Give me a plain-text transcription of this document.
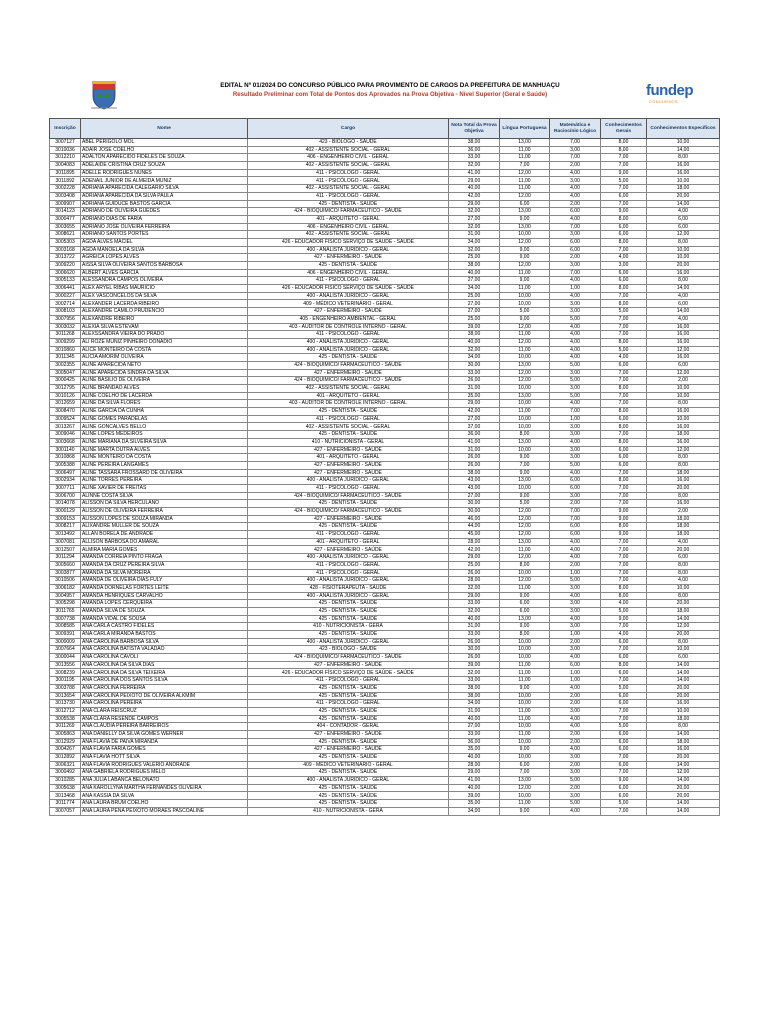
EDITAL Nº 01/2024 DO CONCURSO PÚBLICO PARA PROVIMENTO DE CARGOS DA PREFEITURA DE MANHUAÇU
Resultado Preliminar com Total de Pontos dos Aprovados na Prova Objetiva - Nível Superior (Geral e Saúde)	fundep
CONCURSOS
Inscrição	Nome	Cargo	Nota Total da Prova Objetiva	Língua Portuguesa	Matemática e Raciocínio Lógico	Conhecimentos Gerais	Conhecimentos Específicos
3007127	ABEL PERIGOLO MOL	423 - BIÓLOGO - SAÚDE	38,00	13,00	7,00	8,00	10,00
3010036	ADAIR JOSE COELHO	402 - ASSISTENTE SOCIAL - GERAL	36,00	11,00	3,00	8,00	14,00
3012210	ADALTON APARECIDO FIDELES DE SOUZA	406 - ENGENHEIRO CIVIL - GERAL	33,00	11,00	7,00	7,00	8,00
3004083	ADELAIDE CRISTINA CRUZ SOUZA	402 - ASSISTENTE SOCIAL - GERAL	32,00	7,00	2,00	7,00	16,00
3011895	ADELLE RODRIGUES NUNES	411 - PSICÓLOGO - GERAL	41,00	12,00	4,00	9,00	16,00
3011892	ADENAIL JUNIOR DE ALMEIDA MUNIZ	411 - PSICÓLOGO - GERAL	29,00	11,00	3,00	5,00	10,00
3002228	ADRIANA APARECIDA CALEGARIO SILVA	402 - ASSISTENTE SOCIAL - GERAL	40,00	11,00	4,00	7,00	18,00
3003408	ADRIANA APARECIDA DA SILVA PAULA	411 - PSICÓLOGO - GERAL	42,00	12,00	4,00	6,00	20,00
3009907	ADRIANA GUIDUCE BASTOS GARCIA	425 - DENTISTA - SAÚDE	29,00	6,00	2,00	7,00	14,00
3014123	ADRIANO DE OLIVEIRA GUEDES	424 - BIOQUÍMICO/ FARMACÊUTICO - SAÚDE	32,00	13,00	6,00	9,00	4,00
3000477	ADRIANO DIAS DE FARIA	401 - ARQUITETO - GERAL	27,00	9,00	4,00	8,00	6,00
3003655	ADRIANO JOSE OLIVEIRA FERREIRA	406 - ENGENHEIRO CIVIL - GERAL	32,00	13,00	7,00	6,00	6,00
3008621	ADRIANO SANTOS PORTES	402 - ASSISTENTE SOCIAL - GERAL	31,00	10,00	3,00	6,00	12,00
3005303	AGDA ALVES MACIEL	426 - EDUCADOR FÍSICO SERVIÇO DE SAÚDE - SAÚDE	34,00	12,00	6,00	8,00	8,00
3003168	AGDA MANOELA DA SILVA	400 - ANALISTA JURÍDICO - GERAL	32,00	9,00	6,00	7,00	10,00
3013722	AGREICA LOPES ALVES	427 - ENFERMEIRO - SAÚDE	25,00	9,00	2,00	4,00	10,00
3009220	AISSA SILVA OLIVEIRA SANTOS BARBOSA	425 - DENTISTA - SAÚDE	38,00	12,00	3,00	3,00	20,00
3006620	ALBERT ALVES GARCIA	406 - ENGENHEIRO CIVIL - GERAL	40,00	11,00	7,00	6,00	16,00
3005133	ALESSANDRA CAMPOS OLIVEIRA	411 - PSICÓLOGO - GERAL	27,00	9,00	4,00	6,00	8,00
3006441	ALEX ARYEL RIBAS MAURICIO	426 - EDUCADOR FÍSICO SERVIÇO DE SAÚDE - SAÚDE	34,00	11,00	1,00	8,00	14,00
3000227	ALEX VASCONCELOS DA SILVA	400 - ANALISTA JURÍDICO - GERAL	25,00	10,00	4,00	7,00	4,00
3002714	ALEXANDER LACERDA RIBEIRO	409 - MÉDICO VETERINÁRIO - GERAL	27,00	10,00	3,00	8,00	6,00
3008103	ALEXANDRE CAMILO PRUDENCIO	427 - ENFERMEIRO - SAÚDE	27,00	5,00	3,00	5,00	14,00
3007956	ALEXANDRE RIBEIRO	405 - ENGENHEIRO AMBIENTAL - GERAL	25,00	9,00	5,00	7,00	4,00
3003032	ALEXIA SILVA ESTEVAM	403 - AUDITOR DE CONTROLE INTERNO - GERAL	39,00	12,00	4,00	7,00	16,00
3011268	ALEXSSANDRA VIEIRA DO PRADO	411 - PSICÓLOGO - GERAL	38,00	11,00	4,00	7,00	16,00
3009299	ALI ROZE MUNIZ PINHEIRO DONADIO	400 - ANALISTA JURÍDICO - GERAL	40,00	12,00	4,00	8,00	16,00
3010860	ALICE MONTEIRO DA COSTA	400 - ANALISTA JURÍDICO - GERAL	32,00	11,00	4,00	5,00	12,00
3011345	ALICIA AMORIM OLIVEIRA	425 - DENTISTA - SAÚDE	34,00	10,00	4,00	4,00	16,00
3002355	ALINE APARECIDA NETO	424 - BIOQUÍMICO/ FARMACÊUTICO - SAÚDE	30,00	13,00	5,00	6,00	6,00
3005047	ALINE APARECIDA SINDRA DA SILVA	427 - ENFERMEIRO - SAÚDE	33,00	12,00	3,00	7,00	12,00
3000425	ALINE BASILIO DE OLIVEIRA	424 - BIOQUÍMICO/ FARMACÊUTICO - SAÚDE	26,00	12,00	5,00	7,00	2,00
3012795	ALINE BRANDAO ALVES	402 - ASSISTENTE SOCIAL - GERAL	31,00	10,00	3,00	8,00	10,00
3010126	ALINE COELHO DE LACERDA	401 - ARQUITETO - GERAL	35,00	13,00	5,00	7,00	10,00
3012659	ALINE DA SILVA FLORES	403 - AUDITOR DE CONTROLE INTERNO - GERAL	29,00	10,00	4,00	7,00	8,00
3008470	ALINE GARCIA DA CUNHA	425 - DENTISTA - SAÚDE	42,00	11,00	7,00	8,00	16,00
3009524	ALINE GOMES PARADELAS	411 - PSICÓLOGO - GERAL	27,00	10,00	1,00	6,00	10,00
3013267	ALINE GONCALVES BELLO	402 - ASSISTENTE SOCIAL - GERAL	37,00	10,00	3,00	8,00	16,00
3009046	ALINE LOPES MEDEIROS	425 - DENTISTA - SAÚDE	36,00	8,00	3,00	7,00	18,00
3003668	ALINE MARIANA DA SILVEIRA SILVA	410 - NUTRICIONISTA - GERAL	41,00	13,00	4,00	8,00	16,00
3001140	ALINE MARTA DUTRA ALVES	427 - ENFERMEIRO - SAÚDE	31,00	10,00	3,00	6,00	12,00
3010868	ALINE MONTEIRO DA COSTA	401 - ARQUITETO - GERAL	26,00	9,00	3,00	6,00	8,00
3005388	ALINE PEREIRA LANGAMES	427 - ENFERMEIRO - SAÚDE	26,00	7,00	5,00	6,00	8,00
3006497	ALINE TASSARA FROSSARD DE OLIVEIRA	427 - ENFERMEIRO - SAÚDE	38,00	9,00	4,00	7,00	18,00
3002934	ALINE TORRES PEREIRA	400 - ANALISTA JURÍDICO - GERAL	43,00	13,00	6,00	8,00	16,00
3007711	ALINE XAVIER DE FREITAS	411 - PSICÓLOGO - GERAL	43,00	10,00	6,00	7,00	20,00
3006700	ALINNE COSTA SILVA	424 - BIOQUÍMICO/ FARMACÊUTICO - SAÚDE	27,00	9,00	3,00	7,00	8,00
3014078	ALISSON DA SILVA HERCULANO	425 - DENTISTA - SAÚDE	30,00	5,00	2,00	7,00	16,00
3000129	ALISSON DE OLIVEIRA FERREIRA	424 - BIOQUÍMICO/ FARMACÊUTICO - SAÚDE	30,00	12,00	7,00	9,00	2,00
3009153	ALISSON LOPES DE SOUZA MIRANDA	427 - ENFERMEIRO - SAÚDE	46,00	12,00	7,00	9,00	18,00
3008217	ALIXANDRE MULLER DE SOUZA	425 - DENTISTA - SAÚDE	44,00	12,00	6,00	8,00	18,00
3013492	ALLAN BORELA DE ANDRADE	411 - PSICÓLOGO - GERAL	45,00	12,00	6,00	9,00	18,00
3007081	ALLISON BARBOSA DO AMARAL	401 - ARQUITETO - GERAL	28,00	13,00	4,00	7,00	4,00
3012507	ALMIRA MARIA GOMES	427 - ENFERMEIRO - SAÚDE	42,00	11,00	4,00	7,00	20,00
3011294	AMANDA CORREIA PINTO FRAGA	400 - ANALISTA JURÍDICO - GERAL	29,00	12,00	4,00	7,00	6,00
3005660	AMANDA DA CRUZ PEREIRA SILVA	411 - PSICÓLOGO - GERAL	25,00	8,00	2,00	7,00	8,00
3003877	AMANDA DA SILVA MOREIRA	411 - PSICÓLOGO - GERAL	26,00	10,00	1,00	7,00	8,00
3010506	AMANDA DE OLIVEIRA DIAS FULY	400 - ANALISTA JURÍDICO - GERAL	28,00	12,00	5,00	7,00	4,00
3006182	AMANDA DORNELAS FORTES LEITE	428 - FISIOTERAPEUTA - SAÚDE	32,00	11,00	3,00	8,00	10,00
3004957	AMANDA HENRIQUES CARVALHO	400 - ANALISTA JURÍDICO - GERAL	29,00	9,00	4,00	8,00	8,00
3005298	AMANDA LOPES CERQUEIRA	425 - DENTISTA - SAÚDE	33,00	6,00	3,00	4,00	20,00
3011765	AMANDA SILVA DE SOUZA	425 - DENTISTA - SAÚDE	32,00	6,00	3,00	5,00	18,00
3007738	AMANDA VIDAL DE SOUSA	425 - DENTISTA - SAÚDE	40,00	13,00	4,00	9,00	14,00
3008585	ANA CARLA CASTRO FIDELES	410 - NUTRICIONISTA - GERA	31,00	9,00	3,00	7,00	12,00
3009391	ANA CARLA MIRANDA BASTOS	425 - DENTISTA - SAÚDE	33,00	8,00	1,00	4,00	20,00
3000009	ANA CAROLINA BARBOSA SILVA	400 - ANALISTA JURÍDICO - GERAL	26,00	10,00	2,00	6,00	8,00
3007664	ANA CAROLINA BATISTA VALADAO	423 - BIÓLOGO - SAÚDE	30,00	10,00	3,00	7,00	10,00
3000044	ANA CAROLINA CAVOLI	424 - BIOQUÍMICO/ FARMACÊUTICO - SAÚDE	26,00	10,00	4,00	6,00	6,00
3013556	ANA CAROLINA DA SILVA DIAS	427 - ENFERMEIRO - SAÚDE	39,00	11,00	6,00	8,00	14,00
3008239	ANA CAROLINA DA SILVA TEIXEIRA	426 - EDUCADOR FÍSICO SERVIÇO DE SAÚDE - SAÚDE	32,00	11,00	1,00	6,00	14,00
3001195	ANA CAROLINA DOS SANTOS SILVA	411 - PSICÓLOGO - GERAL	33,00	11,00	1,00	7,00	14,00
3003788	ANA CAROLINA FERREIRA	425 - DENTISTA - SAÚDE	38,00	9,00	4,00	5,00	20,00
3013654	ANA CAROLINA PEIXOTO DE OLIVEIRA ALKMIM	425 - DENTISTA - SAÚDE	38,00	10,00	2,00	6,00	20,00
3013730	ANA CAROLINA PEREIRA	411 - PSICÓLOGO - GERAL	34,00	10,00	2,00	6,00	16,00
3012712	ANA CLARA REISCRUZ	425 - DENTISTA - SAÚDE	31,00	11,00	3,00	7,00	10,00
3005538	ANA CLARA RESENDE CAMPOS	425 - DENTISTA - SAÚDE	40,00	11,00	4,00	7,00	18,00
3011269	ANA CLAUDIA PEREIRA BARREIROS	404 - CONTADOR - GERAL	27,00	10,00	4,00	5,00	8,00
3005863	ANA DANIELLY DA SILVA GOMES WERNER	427 - ENFERMEIRO - SAÚDE	33,00	11,00	2,00	6,00	14,00
3012929	ANA FLAVIA DE PAIVA MIRANDA	425 - DENTISTA - SAÚDE	36,00	10,00	2,00	6,00	18,00
3004267	ANA FLAVIA FARIA GOMES	427 - ENFERMEIRO - SAÚDE	35,00	9,00	4,00	6,00	16,00
3012892	ANA FLAVIA HOTT SILVA	425 - DENTISTA - SAÚDE	40,00	10,00	3,00	7,00	20,00
3006321	ANA FLAVIA RODRIGUES VALERIO ANDRADE	409 - MÉDICO VETERINÁRIO - GERAL	28,00	6,00	2,00	6,00	14,00
3000492	ANA GABRIELA RODRIGUES MELO	425 - DENTISTA - SAÚDE	29,00	7,00	3,00	7,00	12,00
3010285	ANA JULIA LABANCA BELONATO	400 - ANALISTA JURÍDICO - GERAL	41,00	13,00	5,00	9,00	14,00
3005638	ANA KAROLLYNA MARTHA FERNANDES OLIVEIRA	425 - DENTISTA - SAÚDE	40,00	12,00	2,00	6,00	20,00
3013468	ANA KASSIA DA SILVA	425 - DENTISTA - SAÚDE	39,00	10,00	3,00	6,00	20,00
3011774	ANA LAURA BRUM COELHO	425 - DENTISTA - SAÚDE	35,00	11,00	5,00	5,00	14,00
3007057	ANA LAURA PENA PEIXOTO MORAES PASCOALINE	410 - NUTRICIONISTA - GERA	34,00	9,00	4,00	7,00	14,00
